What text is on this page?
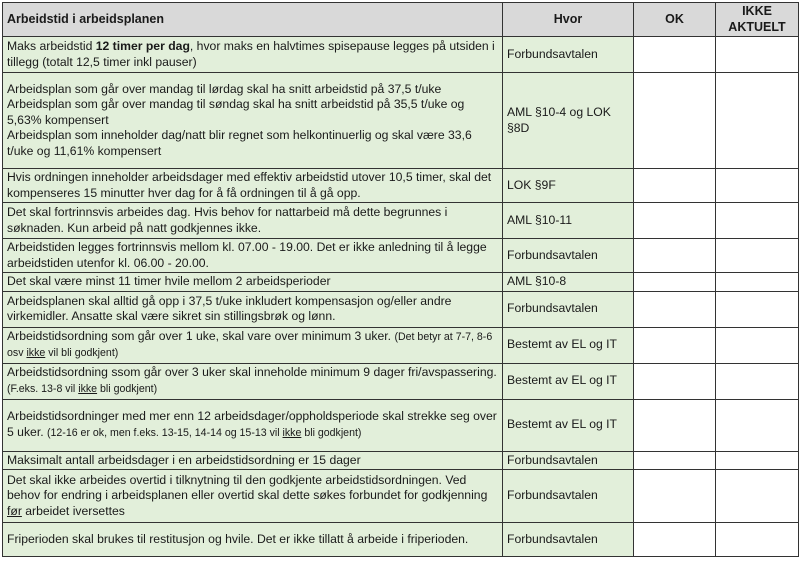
Arbeidstid i arbeidsplanen	Hvor	OK	IKKE AKTUELT

Maks arbeidstid 12 timer per dag, hvor maks en halvtimes spisepause legges på utsiden i tillegg (totalt 12,5 timer inkl pauser)	Forbundsavtalen		

Arbeidsplan som går over mandag til lørdag skal ha snitt arbeidstid på 37,5 t/uke
Arbeidsplan som går over mandag til søndag skal ha snitt arbeidstid på 35,5 t/uke og 5,63% kompensert
Arbeidsplan som inneholder dag/natt blir regnet som helkontinuerlig og skal være 33,6 t/uke og 11,61% kompensert	AML §10-4 og LOK §8D		

Hvis ordningen inneholder arbeidsdager med effektiv arbeidstid utover 10,5 timer, skal det kompenseres 15 minutter hver dag for å få ordningen til å gå opp.	LOK §9F		

Det skal fortrinnsvis arbeides dag. Hvis behov for nattarbeid må dette begrunnes i søknaden. Kun arbeid på natt godkjennes ikke.	AML §10-11		

Arbeidstiden legges fortrinnsvis mellom kl. 07.00 - 19.00. Det er ikke anledning til å legge arbeidstiden utenfor kl. 06.00 - 20.00.	Forbundsavtalen		

Det skal være minst 11 timer hvile mellom 2 arbeidsperioder	AML §10-8		

Arbeidsplanen skal alltid gå opp i 37,5 t/uke inkludert kompensasjon og/eller andre virkemidler. Ansatte skal være sikret sin stillingsbrøk og lønn.	Forbundsavtalen		

Arbeidstidsordning som går over 1 uke, skal vare over minimum 3 uker. (Det betyr at 7-7, 8-6 osv ikke vil bli godkjent)	Bestemt av EL og IT		

Arbeidstidsordning ssom går over 3 uker skal inneholde minimum 9 dager fri/avspassering. (F.eks. 13-8 vil ikke bli godkjent)	Bestemt av EL og IT		

Arbeidstidsordninger med mer enn 12 arbeidsdager/oppholdsperiode skal strekke seg over 5 uker. (12-16 er ok, men f.eks. 13-15, 14-14 og 15-13 vil ikke bli godkjent)	Bestemt av EL og IT		

Maksimalt antall arbeidsdager i en arbeidstidsordning er 15 dager	Forbundsavtalen		

Det skal ikke arbeides overtid i tilknytning til den godkjente arbeidstidsordningen. Ved behov for endring i arbeidsplanen eller overtid skal dette søkes forbundet for godkjenning før arbeidet iversettes	Forbundsavtalen		

Friperioden skal brukes til restitusjon og hvile. Det er ikke tillatt å arbeide i friperioden.	Forbundsavtalen		
